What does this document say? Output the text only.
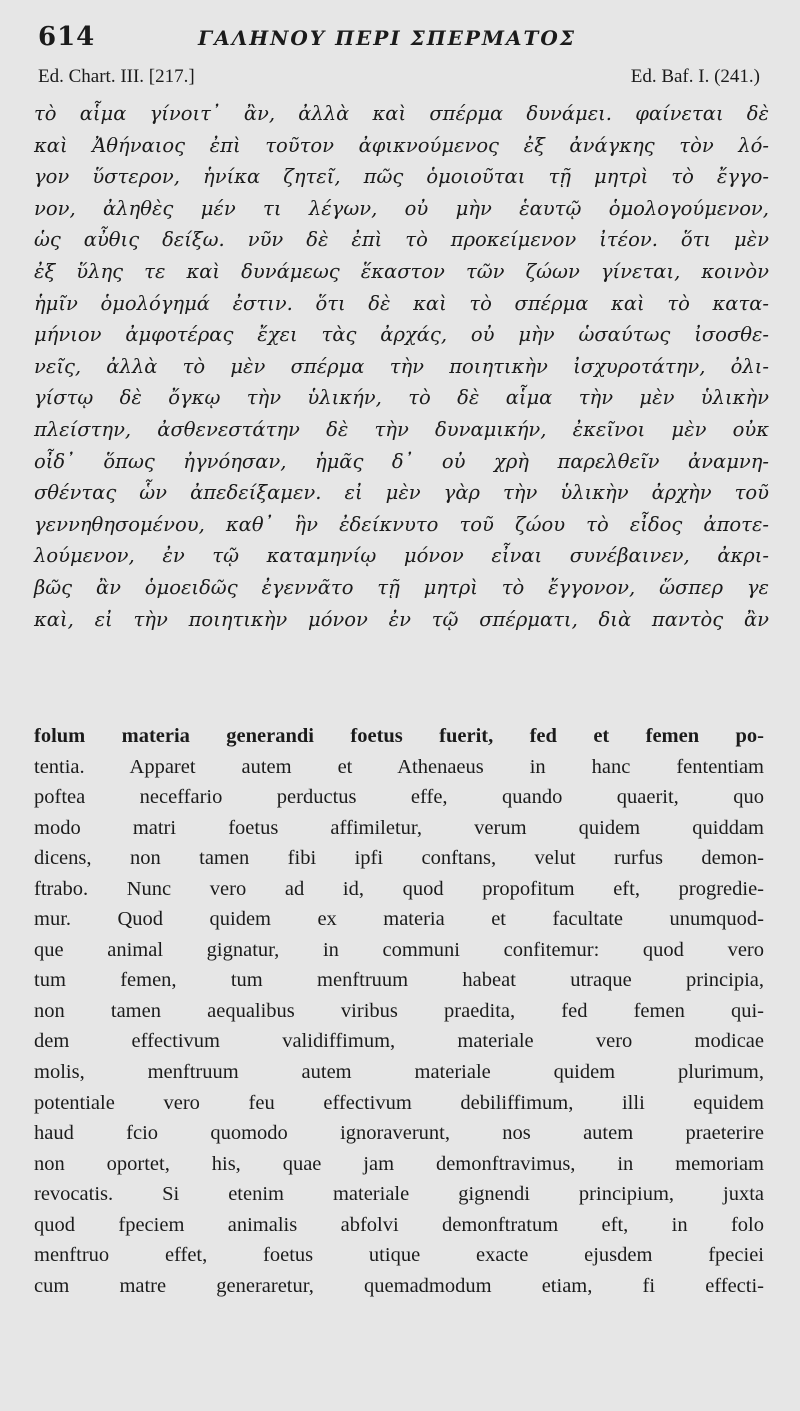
614	ΓΑΛΗΝΟΥ ΠΕΡΙ ΣΠΕΡΜΑΤΟΣ
Ed. Chart. III. [217.]	Ed. Baf. I. (241.)
τὸ αἷμα γίνοιτ᾽ ἂν, ἀλλὰ καὶ σπέρμα δυνάμει. φαίνεται δὲ
καὶ Ἀθήναιος ἐπὶ τοῦτον ἀφικνούμενος ἐξ ἀνάγκης τὸν λό-
γον ὕστερον, ἡνίκα ζητεῖ, πῶς ὁμοιοῦται τῇ μητρὶ τὸ ἔγγο-
νον, ἀληθὲς μέν τι λέγων, οὐ μὴν ἑαυτῷ ὁμολογούμενον,
ὡς αὖθις δείξω. νῦν δὲ ἐπὶ τὸ προκείμενον ἰτέον. ὅτι μὲν
ἐξ ὕλης τε καὶ δυνάμεως ἕκαστον τῶν ζώων γίνεται, κοινὸν
ἡμῖν ὁμολόγημά ἐστιν. ὅτι δὲ καὶ τὸ σπέρμα καὶ τὸ κατα-
μήνιον ἀμφοτέρας ἔχει τὰς ἀρχάς, οὐ μὴν ὡσαύτως ἰσοσθε-
νεῖς, ἀλλὰ τὸ μὲν σπέρμα τὴν ποιητικὴν ἰσχυροτάτην, ὀλι-
γίστῳ δὲ ὄγκῳ τὴν ὑλικήν, τὸ δὲ αἷμα τὴν μὲν ὑλικὴν
πλείστην, ἀσθενεστάτην δὲ τὴν δυναμικήν, ἐκεῖνοι μὲν οὐκ
οἶδ᾽ ὅπως ἠγνόησαν, ἡμᾶς δ᾽ οὐ χρὴ παρελθεῖν ἀναμνη-
σθέντας ὧν ἀπεδείξαμεν. εἰ μὲν γὰρ τὴν ὑλικὴν ἀρχὴν τοῦ
γεννηθησομένου, καθ᾽ ἣν ἐδείκνυτο τοῦ ζώου τὸ εἶδος ἀποτε-
λούμενον, ἐν τῷ καταμηνίῳ μόνον εἶναι συνέβαινεν, ἀκρι-
βῶς ἂν ὁμοειδῶς ἐγεννᾶτο τῇ μητρὶ τὸ ἔγγονον, ὥσπερ γε
καὶ, εἰ τὴν ποιητικὴν μόνον ἐν τῷ σπέρματι, διὰ παντὸς ἂν
folum materia generandi foetus fuerit, fed et femen po-
tentia. Apparet autem et Athenaeus in hanc fententiam
poftea neceffario perductus effe, quando quaerit, quo
modo matri foetus affimiletur, verum quidem quiddam
dicens, non tamen fibi ipfi conftans, velut rurfus demon-
ftrabo. Nunc vero ad id, quod propofitum eft, progredie-
mur. Quod quidem ex materia et facultate unumquod-
que animal gignatur, in communi confitemur: quod vero
tum femen, tum menftruum habeat utraque principia,
non tamen aequalibus viribus praedita, fed femen qui-
dem effectivum validiffimum, materiale vero modicae
molis, menftruum autem materiale quidem plurimum,
potentiale vero feu effectivum debiliffimum, illi equidem
haud fcio quomodo ignoraverunt, nos autem praeterire
non oportet, his, quae jam demonftravimus, in memoriam
revocatis. Si etenim materiale gignendi principium, juxta
quod fpeciem animalis abfolvi demonftratum eft, in folo
menftruo effet, foetus utique exacte ejusdem fpeciei
cum matre generaretur, quemadmodum etiam, fi effecti-
